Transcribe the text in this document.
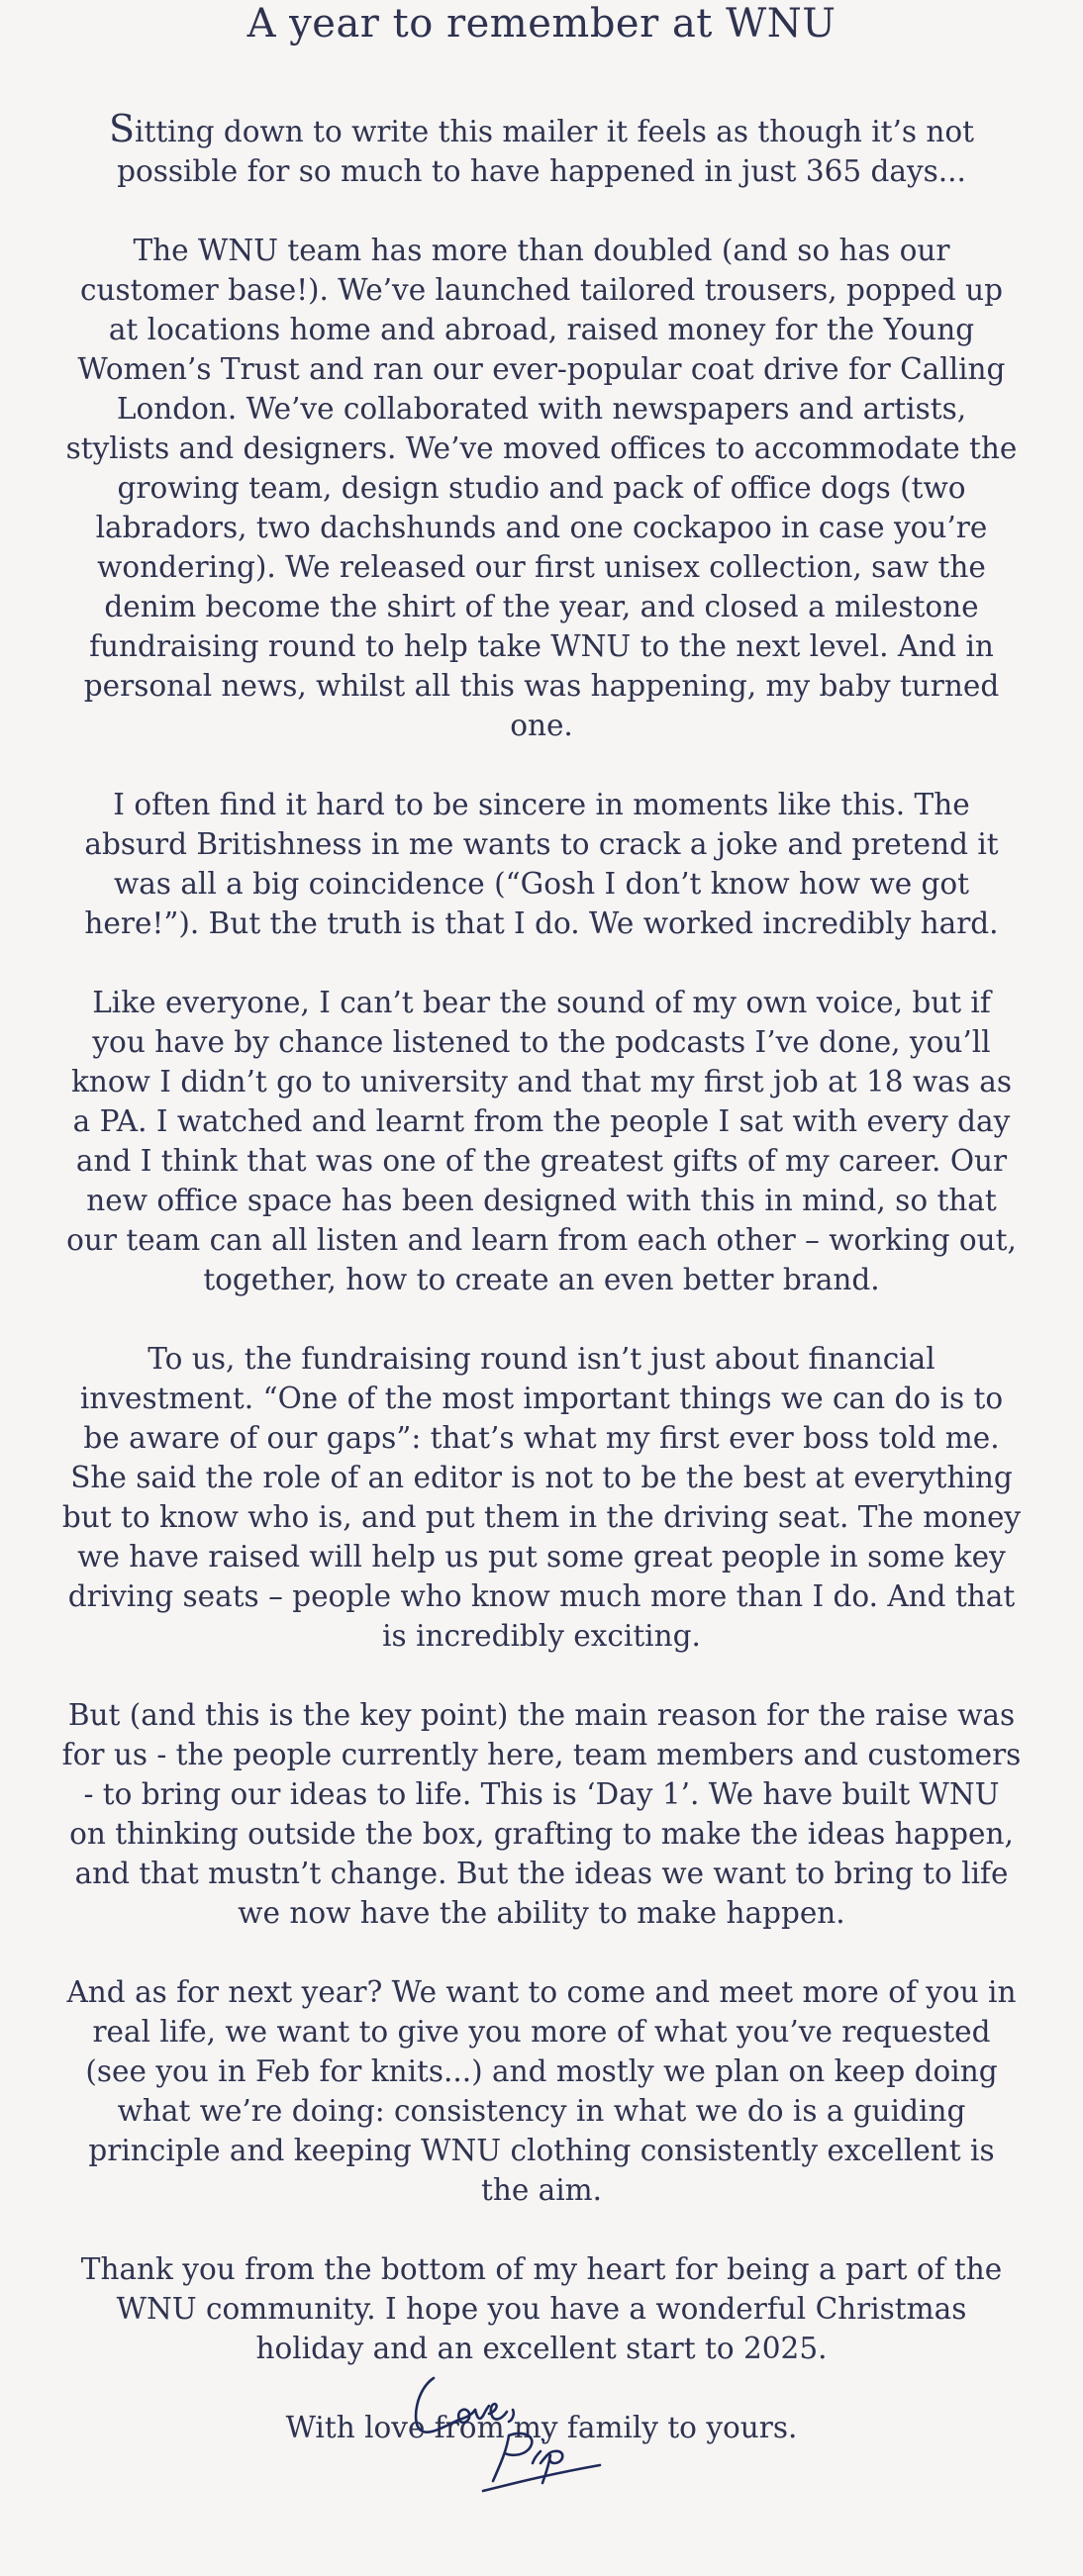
A year to remember at WNU

Sitting down to write this mailer it feels as though it’s not possible for so much to have happened in just 365 days...

The WNU team has more than doubled (and so has our customer base!). We’ve launched tailored trousers, popped up at locations home and abroad, raised money for the Young Women’s Trust and ran our ever-popular coat drive for Calling London. We’ve collaborated with newspapers and artists, stylists and designers. We’ve moved offices to accommodate the growing team, design studio and pack of office dogs (two labradors, two dachshunds and one cockapoo in case you’re wondering). We released our first unisex collection, saw the denim become the shirt of the year, and closed a milestone fundraising round to help take WNU to the next level. And in personal news, whilst all this was happening, my baby turned one.

I often find it hard to be sincere in moments like this. The absurd Britishness in me wants to crack a joke and pretend it was all a big coincidence (“Gosh I don’t know how we got here!”). But the truth is that I do. We worked incredibly hard.

Like everyone, I can’t bear the sound of my own voice, but if you have by chance listened to the podcasts I’ve done, you’ll know I didn’t go to university and that my first job at 18 was as a PA. I watched and learnt from the people I sat with every day and I think that was one of the greatest gifts of my career. Our new office space has been designed with this in mind, so that our team can all listen and learn from each other – working out, together, how to create an even better brand.

To us, the fundraising round isn’t just about financial investment. “One of the most important things we can do is to be aware of our gaps”: that’s what my first ever boss told me. She said the role of an editor is not to be the best at everything but to know who is, and put them in the driving seat. The money we have raised will help us put some great people in some key driving seats – people who know much more than I do. And that is incredibly exciting.

But (and this is the key point) the main reason for the raise was for us - the people currently here, team members and customers - to bring our ideas to life. This is ‘Day 1’. We have built WNU on thinking outside the box, grafting to make the ideas happen, and that mustn’t change. But the ideas we want to bring to life we now have the ability to make happen.

And as for next year? We want to come and meet more of you in real life, we want to give you more of what you’ve requested (see you in Feb for knits...) and mostly we plan on keep doing what we’re doing: consistency in what we do is a guiding principle and keeping WNU clothing consistently excellent is the aim.

Thank you from the bottom of my heart for being a part of the WNU community. I hope you have a wonderful Christmas holiday and an excellent start to 2025.

With love from my family to yours.
